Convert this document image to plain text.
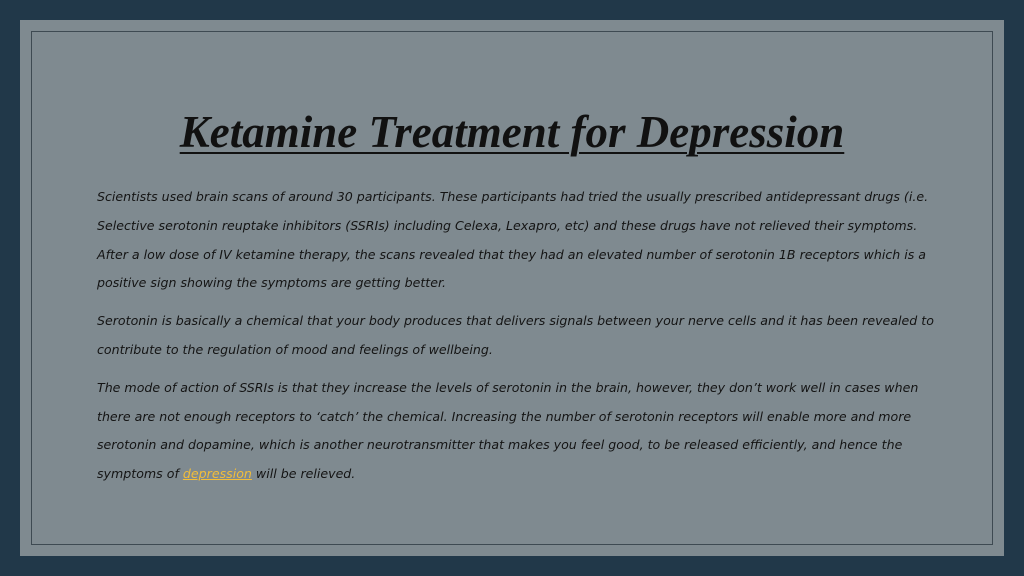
Ketamine Treatment for Depression

Scientists used brain scans of around 30 participants. These participants had tried the usually prescribed antidepressant drugs (i.e. Selective serotonin reuptake inhibitors (SSRIs) including Celexa, Lexapro, etc) and these drugs have not relieved their symptoms. After a low dose of IV ketamine therapy, the scans revealed that they had an elevated number of serotonin 1B receptors which is a positive sign showing the symptoms are getting better.

Serotonin is basically a chemical that your body produces that delivers signals between your nerve cells and it has been revealed to contribute to the regulation of mood and feelings of wellbeing.

The mode of action of SSRIs is that they increase the levels of serotonin in the brain, however, they don’t work well in cases when there are not enough receptors to ‘catch’ the chemical. Increasing the number of serotonin receptors will enable more and more serotonin and dopamine, which is another neurotransmitter that makes you feel good, to be released efficiently, and hence the symptoms of depression will be relieved.
